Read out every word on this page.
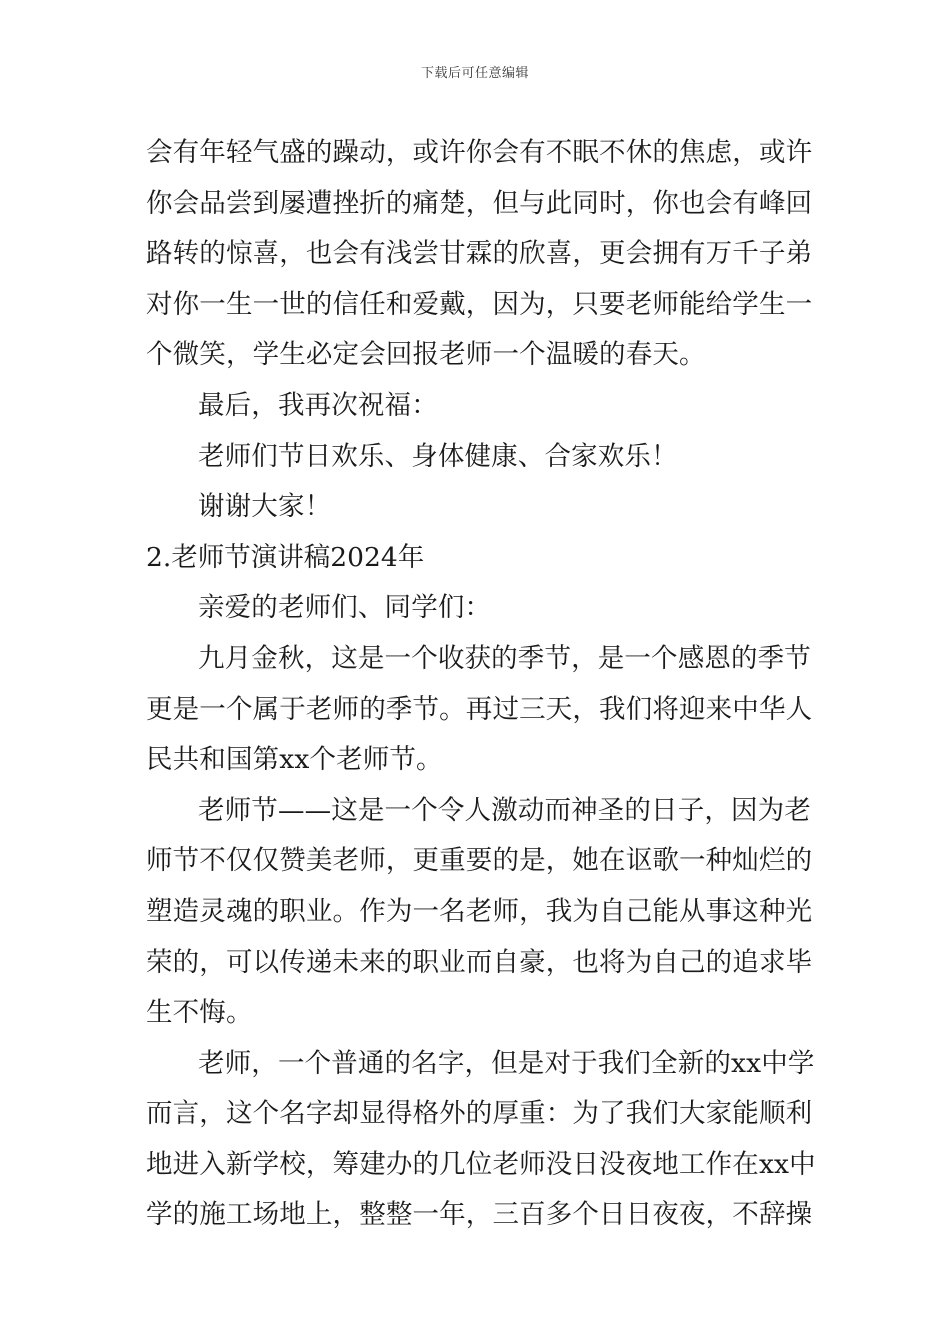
下载后可任意编辑
会有年轻气盛的躁动，或许你会有不眠不休的焦虑，或许
你会品尝到屡遭挫折的痛楚，但与此同时，你也会有峰回
路转的惊喜，也会有浅尝甘霖的欣喜，更会拥有万千子弟
对你一生一世的信任和爱戴，因为，只要老师能给学生一
个微笑，学生必定会回报老师一个温暖的春天。
最后，我再次祝福：
老师们节日欢乐、身体健康、合家欢乐！
谢谢大家！
2.老师节演讲稿2024年
亲爱的老师们、同学们：
九月金秋，这是一个收获的季节，是一个感恩的季节
更是一个属于老师的季节。再过三天，我们将迎来中华人
民共和国第xx个老师节。
老师节——这是一个令人激动而神圣的日子，因为老
师节不仅仅赞美老师，更重要的是，她在讴歌一种灿烂的
塑造灵魂的职业。作为一名老师，我为自己能从事这种光
荣的，可以传递未来的职业而自豪，也将为自己的追求毕
生不悔。
老师，一个普通的名字，但是对于我们全新的xx中学
而言，这个名字却显得格外的厚重：为了我们大家能顺利
地进入新学校，筹建办的几位老师没日没夜地工作在xx中
学的施工场地上，整整一年，三百多个日日夜夜，不辞操
